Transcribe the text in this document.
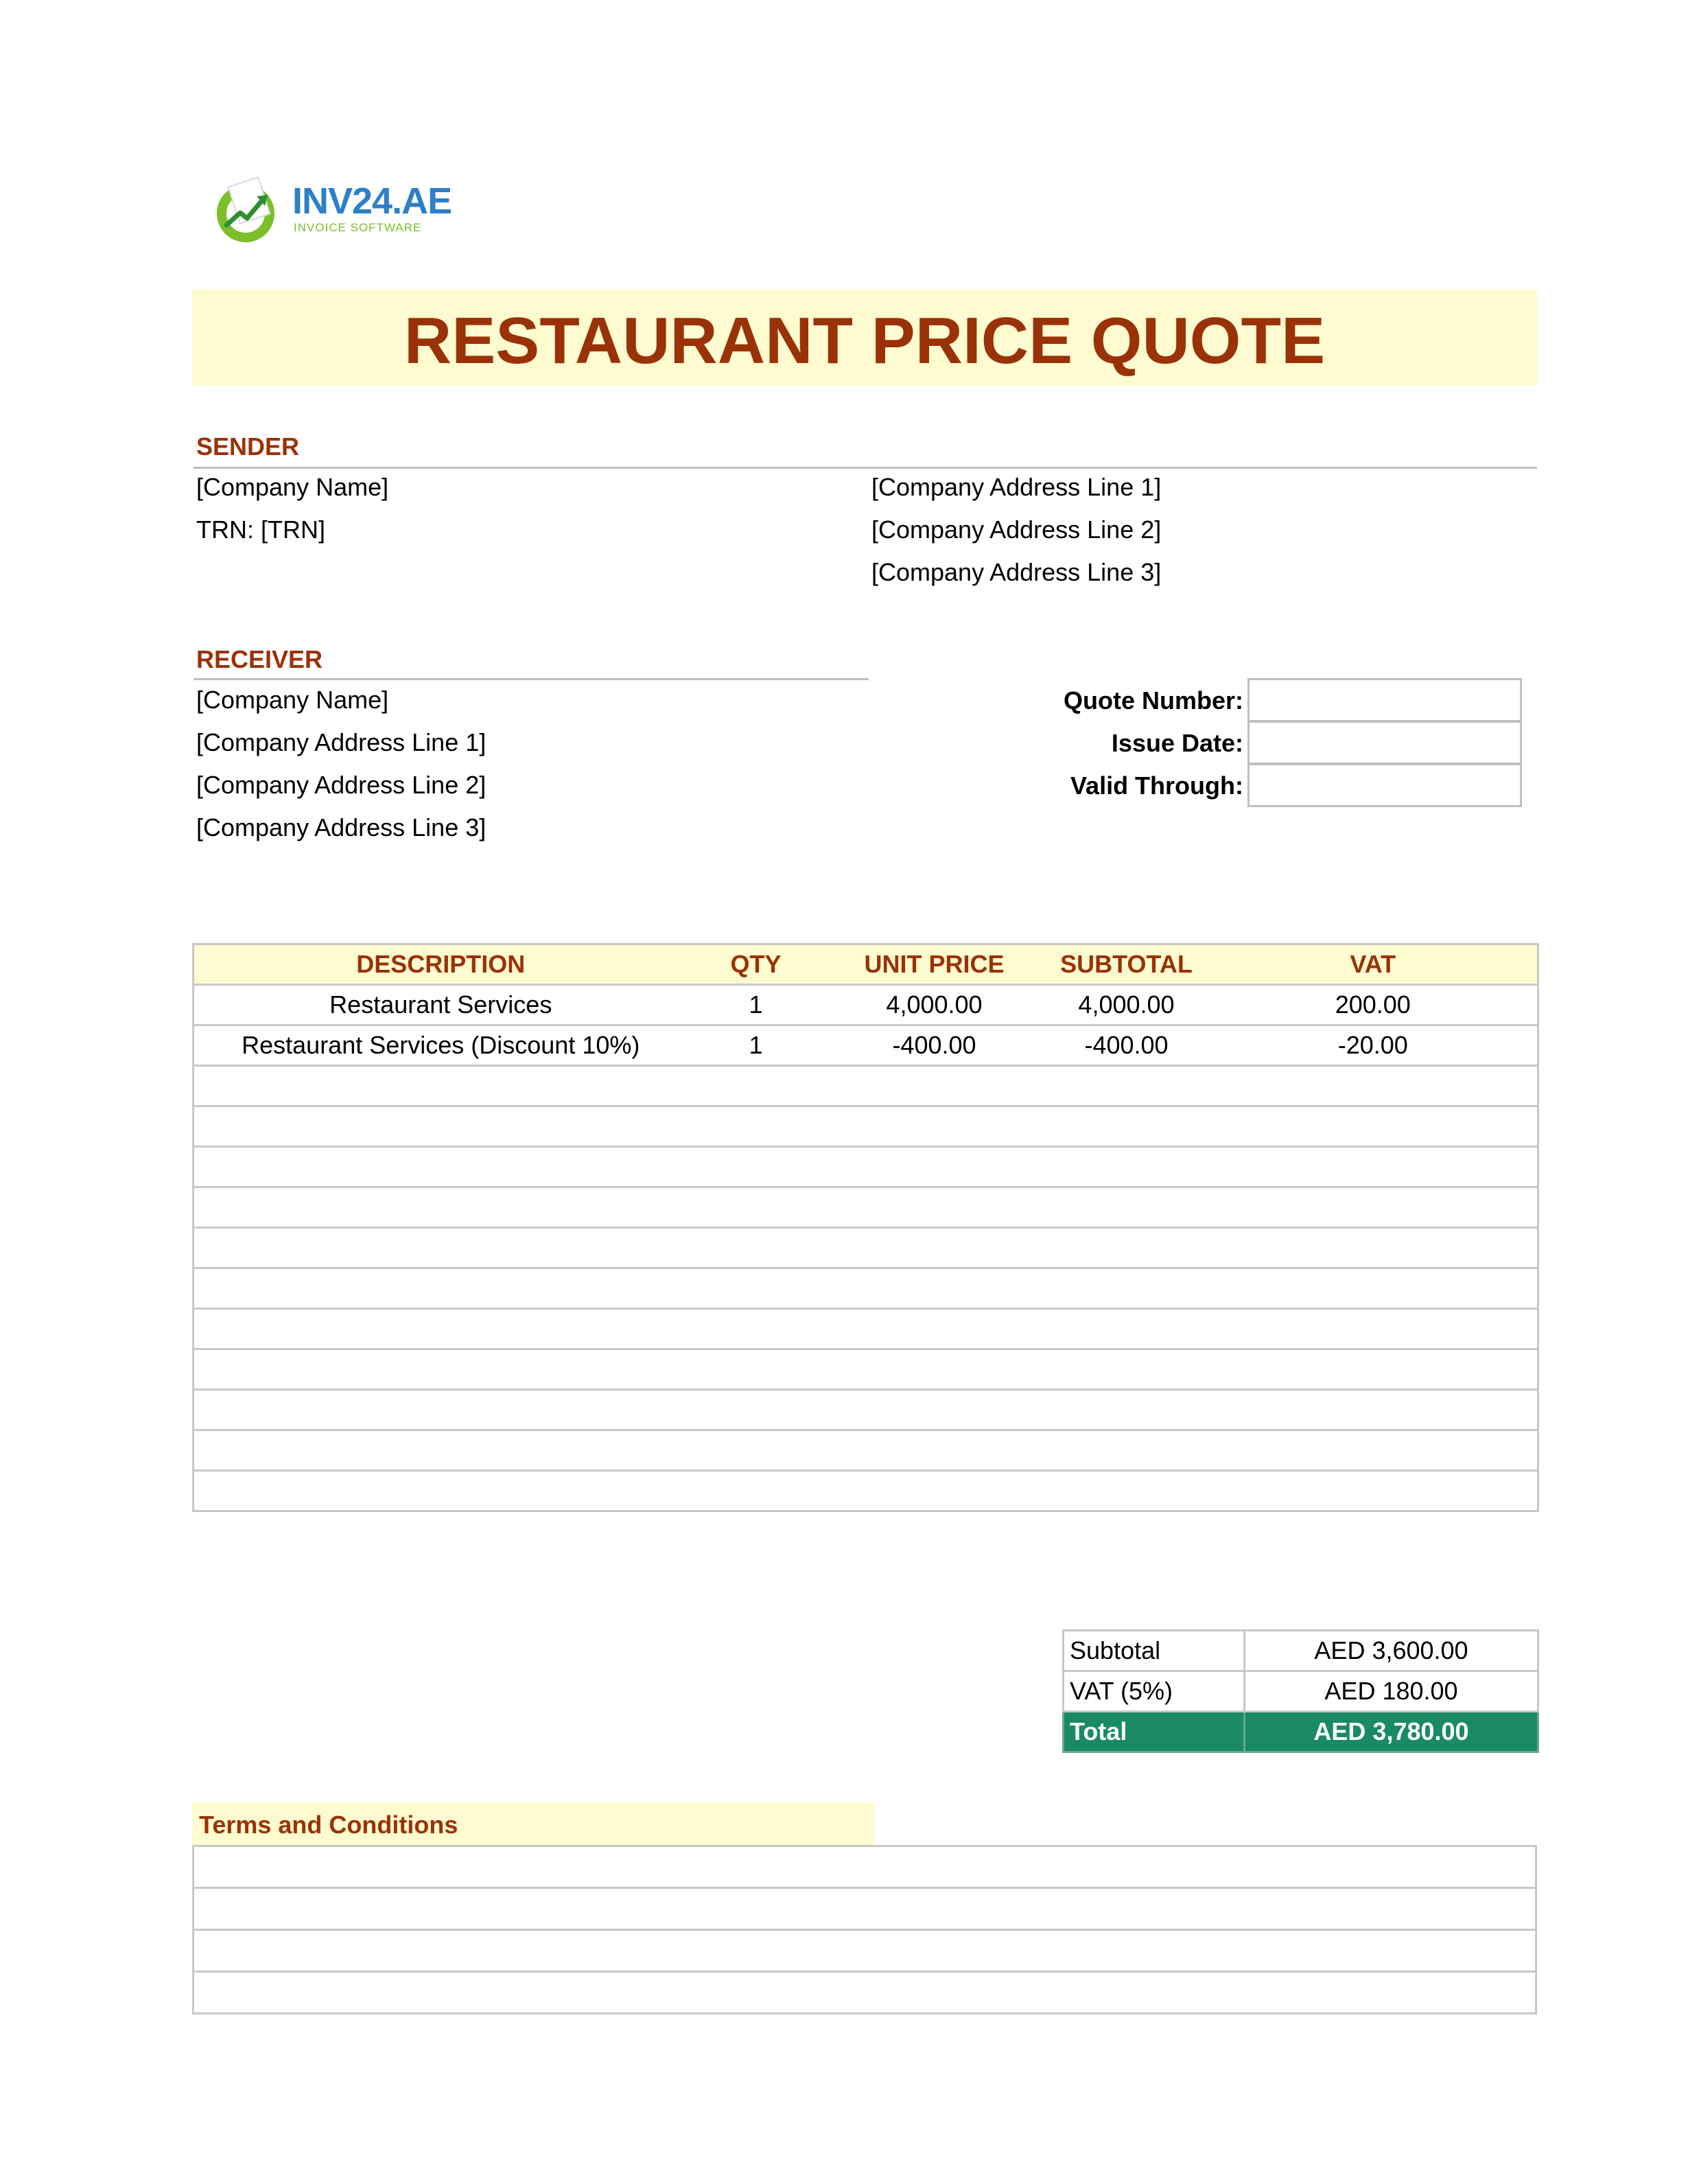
INV24.AE
INVOICE SOFTWARE
RESTAURANT PRICE QUOTE
SENDER
[Company Name]
TRN: [TRN]
[Company Address Line 1]
[Company Address Line 2]
[Company Address Line 3]
RECEIVER
[Company Name]
[Company Address Line 1]
[Company Address Line 2]
[Company Address Line 3]
Quote Number:
Issue Date:
Valid Through:
DESCRIPTION	QTY	UNIT PRICE	SUBTOTAL	VAT
Restaurant Services	1	4,000.00	4,000.00	200.00
Restaurant Services (Discount 10%)	1	-400.00	-400.00	-20.00

Subtotal	AED 3,600.00
VAT (5%)	AED 180.00
Total	AED 3,780.00
Terms and Conditions
